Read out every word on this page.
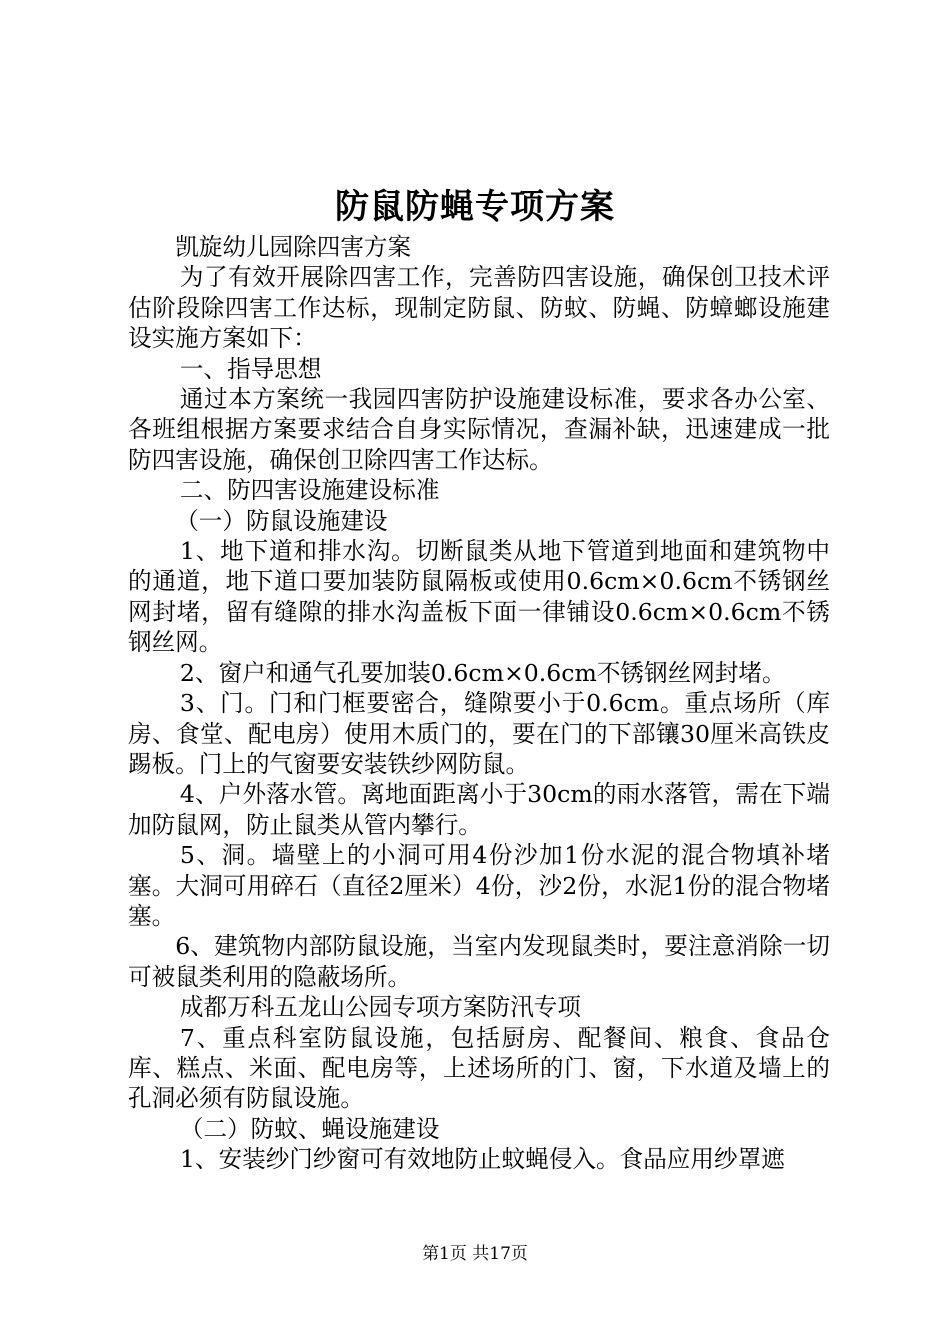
防鼠防蝇专项方案

凯旋幼儿园除四害方案

为了有效开展除四害工作，完善防四害设施，确保创卫技术评估阶段除四害工作达标，现制定防鼠、防蚊、防蝇、防蟑螂设施建设实施方案如下：

一、指导思想

通过本方案统一我园四害防护设施建设标准，要求各办公室、各班组根据方案要求结合自身实际情况，查漏补缺，迅速建成一批防四害设施，确保创卫除四害工作达标。

二、防四害设施建设标准

（一）防鼠设施建设

1、地下道和排水沟。切断鼠类从地下管道到地面和建筑物中的通道，地下道口要加装防鼠隔板或使用0.6cm×0.6cm不锈钢丝网封堵，留有缝隙的排水沟盖板下面一律铺设0.6cm×0.6cm不锈钢丝网。

2、窗户和通气孔要加装0.6cm×0.6cm不锈钢丝网封堵。

3、门。门和门框要密合，缝隙要小于0.6cm。重点场所（库房、食堂、配电房）使用木质门的，要在门的下部镶30厘米高铁皮踢板。门上的气窗要安装铁纱网防鼠。

4、户外落水管。离地面距离小于30cm的雨水落管，需在下端加防鼠网，防止鼠类从管内攀行。

5、洞。墙壁上的小洞可用4份沙加1份水泥的混合物填补堵塞。大洞可用碎石（直径2厘米）4份，沙2份，水泥1份的混合物堵塞。

6、建筑物内部防鼠设施，当室内发现鼠类时，要注意消除一切可被鼠类利用的隐蔽场所。

成都万科五龙山公园专项方案防汛专项

7、重点科室防鼠设施，包括厨房、配餐间、粮食、食品仓库、糕点、米面、配电房等，上述场所的门、窗，下水道及墙上的孔洞必须有防鼠设施。

（二）防蚊、蝇设施建设

1、安装纱门纱窗可有效地防止蚊蝇侵入。食品应用纱罩遮

第1页 共17页
